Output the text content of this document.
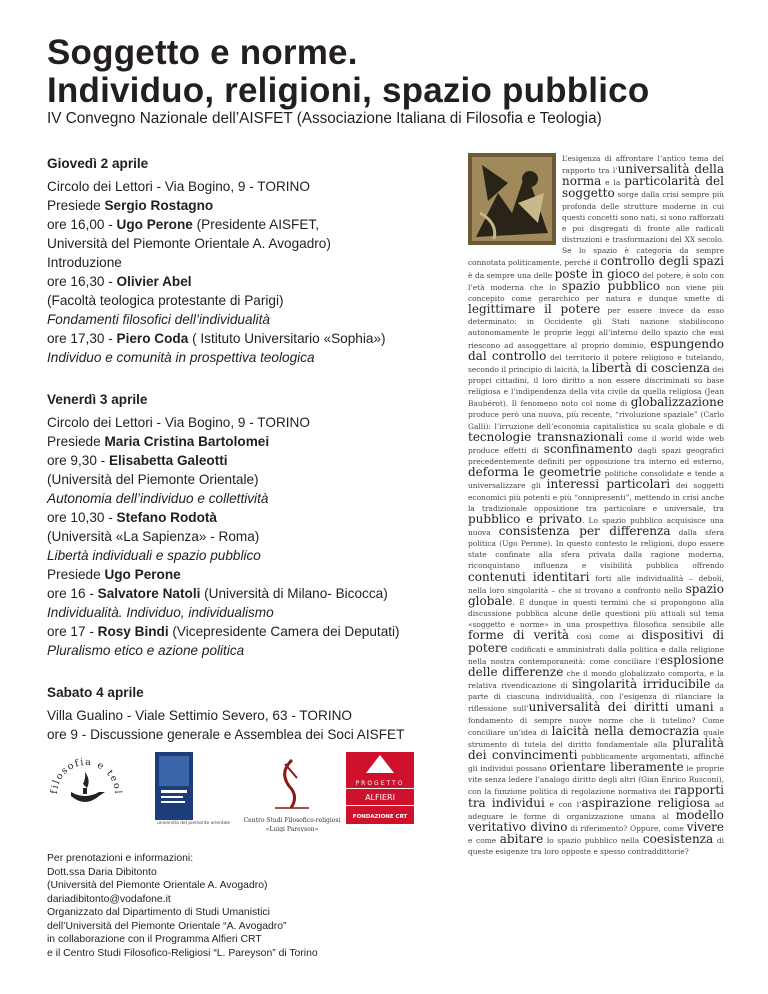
Soggetto e norme.
Individuo, religioni, spazio pubblico
IV Convegno Nazionale dell’AISFET (Associazione Italiana di Filosofia e Teologia)
Giovedì 2 aprile
Circolo dei Lettori - Via Bogino, 9 - TORINO
Presiede Sergio Rostagno
ore 16,00 - Ugo Perone (Presidente AISFET,
Università del Piemonte Orientale A. Avogadro)
Introduzione
ore 16,30 - Olivier Abel
(Facoltà teologica protestante di Parigi)
Fondamenti filosofici dell’individualità
ore 17,30 - Piero Coda ( Istituto Universitario «Sophia»)
Individuo e comunità in prospettiva teologica
Venerdì 3 aprile
Circolo dei Lettori - Via Bogino, 9 - TORINO
Presiede Maria Cristina Bartolomei
ore 9,30 - Elisabetta Galeotti
(Università del Piemonte Orientale)
Autonomia dell’individuo e collettività
ore 10,30 - Stefano Rodotà
(Università «La Sapienza» - Roma)
Libertà individuali e spazio pubblico
Presiede Ugo Perone
ore 16 - Salvatore Natoli (Università di Milano- Bicocca)
Individualità. Individuo, individualismo
ore 17 - Rosy Bindi (Vicepresidente Camera dei Deputati)
Pluralismo etico e azione politica
Sabato 4 aprile
Villa Gualino - Viale Settimio Severo, 63 - TORINO
ore 9 - Discussione generale e Assemblea dei Soci AISFET
filosofia e teol
università del piemonte orientale Centro Studi Filosofico-religiosi
«Luigi Pareyson»
PROGETTO
ALFIERI
FONDAZIONE CRT
Per prenotazioni e informazioni:
Dott.ssa Daria Dibitonto
(Università del Piemonte Orientale A. Avogadro)
dariadibitonto@vodafone.it
Organizzato dal Dipartimento di Studi Umanistici
dell’Università del Piemonte Orientale “A. Avogadro”
in collaborazione con il Programma Alfieri CRT
e il Centro Studi Filosofico-Religiosi “L. Pareyson” di Torino
L’esigenza di affrontare l’antico tema del rapporto tra l’universalità della norma e la particolarità del soggetto sorge dalla crisi sempre più profonda delle strutture moderne in cui questi concetti sono nati, si sono rafforzati e poi disgregati di fronte alle radicali distruzioni e trasformazioni del XX secolo. Se lo spazio è categoria da sempre connotata politicamente, perché il controllo degli spazi è da sempre una delle poste in gioco del potere, è solo con l’età moderna che lo spazio pubblico non viene più concepito come gerarchico per natura e dunque smette di legittimare il potere per essere invece da esso determinato: in Occidente gli Stati nazione stabiliscono autonomamente le proprie leggi all’interno dello spazio che essi riescono ad assoggettare al proprio dominio, espungendo dal controllo del territorio il potere religioso e tutelando, secondo il principio di laicità, la libertà di coscienza dei propri cittadini, il loro diritto a non essere discriminati su base religiosa e l’indipendenza della vita civile da quella religiosa (Jean Baubérot). Il fenomeno noto col nome di globalizzazione produce però una nuova, più recente, “rivoluzione spaziale” (Carlo Galli): l’irruzione dell’economia capitalistica su scala globale e di tecnologie transnazionali come il world wide web produce effetti di sconfinamento dagli spazi geografici precedentemente definiti per opposizione tra interno ed esterno, deforma le geometrie politiche consolidate e tende a universalizzare gli interessi particolari dei soggetti economici più potenti e più “onnipresenti”, mettendo in crisi anche la tradizionale opposizione tra particolare e universale, tra pubblico e privato. Lo spazio pubblico acquisisce una nuova consistenza per differenza dalla sfera politica (Ugo Perone). In questo contesto le religioni, dopo essere state confinate alla sfera privata dalla ragione moderna, riconquistano influenza e visibilità pubblica offrendo contenuti identitari forti alle individualità – deboli, nella loro singolarità – che si trovano a confronto nello spazio globale. È dunque in questi termini che si propongono alla discussione pubblica alcune delle questioni più attuali sul tema «soggetto e norme» in una prospettiva filosofica sensibile alle forme di verità così come ai dispositivi di potere codificati e amministrati dalla politica e dalla religione nella nostra contemporaneità: come conciliare l’esplosione delle differenze che il mondo globalizzato comporta, e la relativa rivendicazione di singolarità irriducibile da parte di ciascuna individualità, con l’esigenza di rilanciare la riflessione sull’universalità dei diritti umani a fondamento di sempre nuove norme che li tutelino? Come conciliare un’idea di laicità nella democrazia quale strumento di tutela del diritto fondamentale alla pluralità dei convincimenti pubblicamente argomentati, affinché gli individui possano orientare liberamente le proprie vite senza ledere l’analogo diritto degli altri (Gian Enrico Rusconi), con la funzione politica di regolazione normativa dei rapporti tra individui e con l’aspirazione religiosa ad adeguare le forme di organizzazione umana al modello veritativo divino di riferimento? Oppure, come vivere e come abitare lo spazio pubblico nella coesistenza di queste esigenze tra loro opposte e spesso contraddittorie?
